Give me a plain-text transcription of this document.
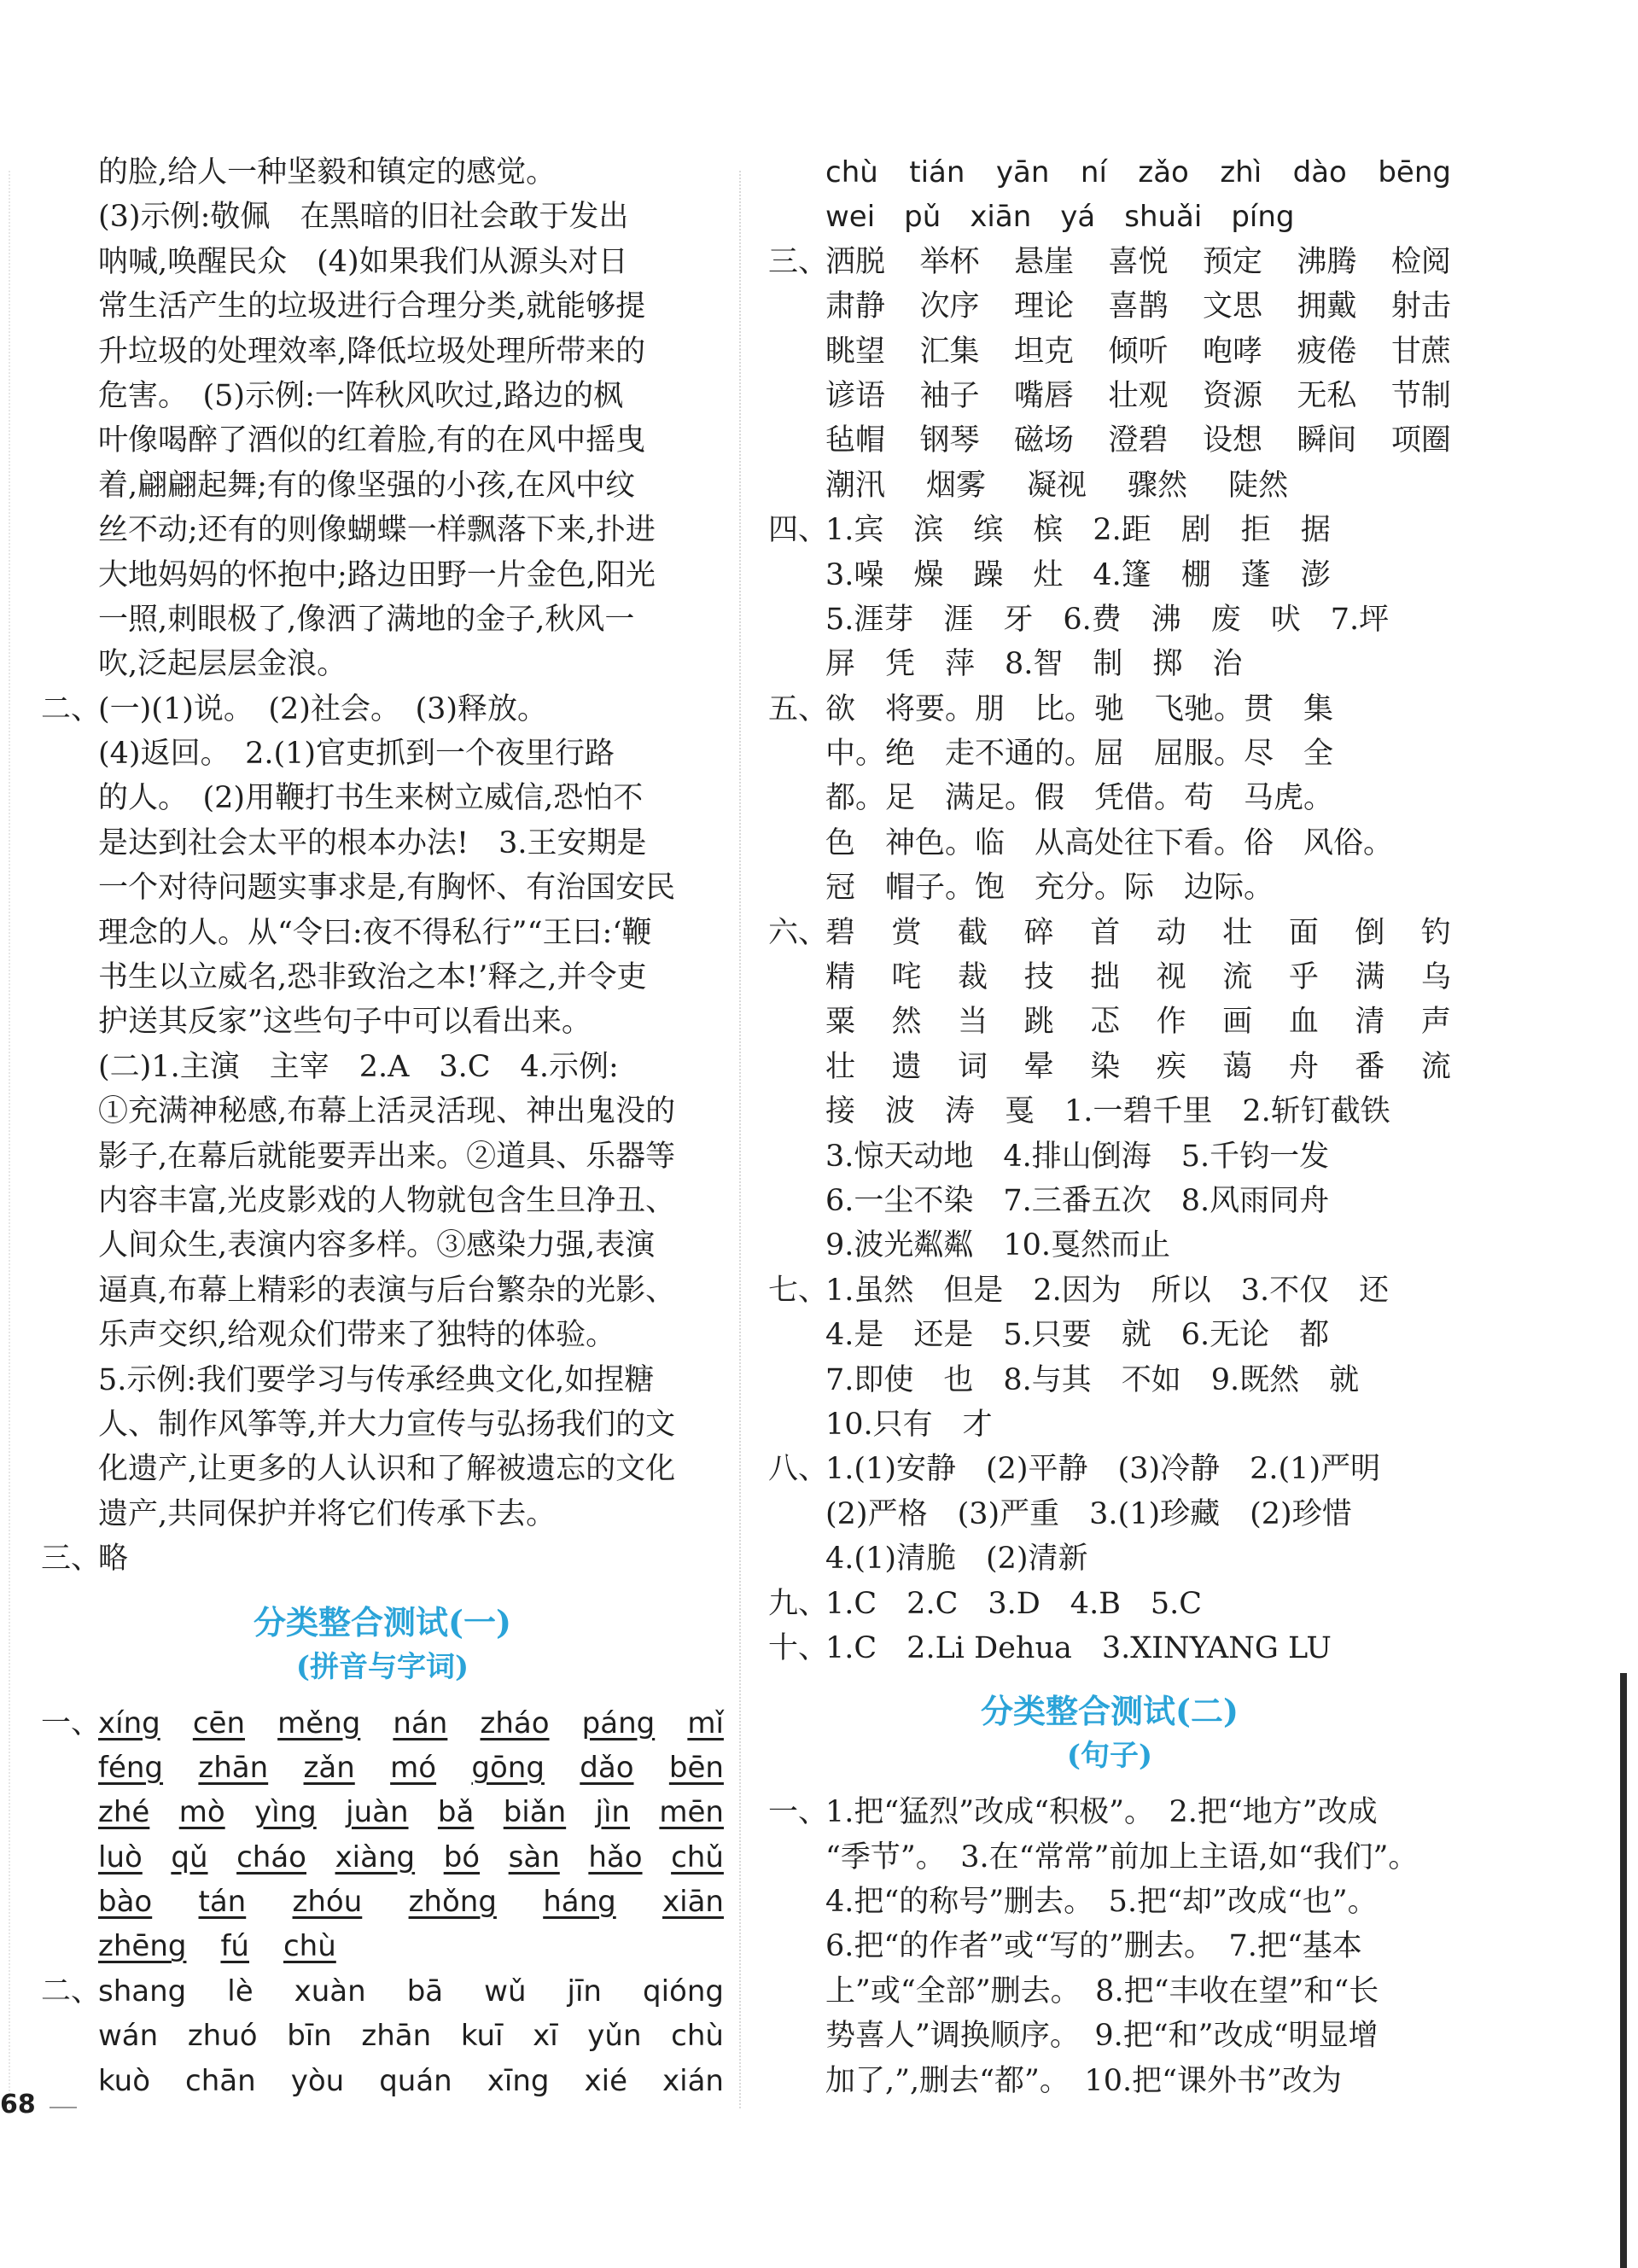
的脸,给人一种坚毅和镇定的感觉。
(3)示例:敬佩　在黑暗的旧社会敢于发出
呐喊,唤醒民众　(4)如果我们从源头对日
常生活产生的垃圾进行合理分类,就能够提
升垃圾的处理效率,降低垃圾处理所带来的
危害。　(5)示例:一阵秋风吹过,路边的枫
叶像喝醉了酒似的红着脸,有的在风中摇曳
着,翩翩起舞;有的像坚强的小孩,在风中纹
丝不动;还有的则像蝴蝶一样飘落下来,扑进
大地妈妈的怀抱中;路边田野一片金色,阳光
一照,刺眼极了,像洒了满地的金子,秋风一
吹,泛起层层金浪。
二、
(一)(1)说。　(2)社会。　(3)释放。
(4)返回。　2.(1)官吏抓到一个夜里行路
的人。　(2)用鞭打书生来树立威信,恐怕不
是达到社会太平的根本办法!　3.王安期是
一个对待问题实事求是,有胸怀、有治国安民
理念的人。从“令曰:夜不得私行”“王曰:‘鞭
书生以立威名,恐非致治之本!’释之,并令吏
护送其反家”这些句子中可以看出来。
(二)1.主演　主宰　2.A　3.C　4.示例:
①充满神秘感,布幕上活灵活现、神出鬼没的
影子,在幕后就能要弄出来。②道具、乐器等
内容丰富,光皮影戏的人物就包含生旦净丑、
人间众生,表演内容多样。③感染力强,表演
逼真,布幕上精彩的表演与后台繁杂的光影、
乐声交织,给观众们带来了独特的体验。
5.示例:我们要学习与传承经典文化,如捏糖
人、制作风筝等,并大力宣传与弘扬我们的文
化遗产,让更多的人认识和了解被遗忘的文化
遗产,共同保护并将它们传承下去。
三、
略
分类整合测试(一)
(拼音与字词)
一、
xíng cēn měng nán zháo páng mǐ
féng zhān zǎn mó gōng dǎo bēn
zhé mò yìng juàn bǎ biǎn jìn mēn
luò qǔ cháo xiàng bó sàn hǎo chǔ
bào tán zhóu zhǒng háng xiān
zhēng fú chù
二、
shang lè xuàn bā wǔ jīn qióng
wán zhuó bīn zhān kuī xī yǔn chù
kuò chān yòu quán xīng xié xián
chù tián yān ní zǎo zhì dào bēng
wei pǔ xiān yá shuǎi píng
三、
洒脱 举杯 悬崖 喜悦 预定 沸腾 检阅
肃静 次序 理论 喜鹊 文思 拥戴 射击
眺望 汇集 坦克 倾听 咆哮 疲倦 甘蔗
谚语 袖子 嘴唇 壮观 资源 无私 节制
毡帽 钢琴 磁场 澄碧 设想 瞬间 项圈
潮汛 烟雾 凝视 骤然 陡然
四、
1.宾　滨　缤　槟　2.距　剧　拒　据
3.噪　燥　躁　灶　4.篷　棚　蓬　澎
5.涯芽　涯　牙　6.费　沸　废　吠　7.坪
屏　凭　萍　8.智　制　掷　治
五、
欲　将要。朋　比。驰　飞驰。贯　集
中。绝　走不通的。屈　屈服。尽　全
都。足　满足。假　凭借。苟　马虎。
色　神色。临　从高处往下看。俗　风俗。
冠　帽子。饱　充分。际　边际。
六、
碧 赏 截 碎 首 动 壮 面 倒 钓
精 咤 裁 技 拙 视 流 乎 满 乌
粟 然 当 跳 忑 作 画 血 清 声
壮 遗 词 晕 染 疾 蔼 舟 番 流
接　波　涛　戛　1.一碧千里　2.斩钉截铁
3.惊天动地　4.排山倒海　5.千钧一发
6.一尘不染　7.三番五次　8.风雨同舟
9.波光粼粼　10.戛然而止
七、
1.虽然　但是　2.因为　所以　3.不仅　还
4.是　还是　5.只要　就　6.无论　都
7.即使　也　8.与其　不如　9.既然　就
10.只有　才
八、
1.(1)安静　(2)平静　(3)冷静　2.(1)严明
(2)严格　(3)严重　3.(1)珍藏　(2)珍惜
4.(1)清脆　(2)清新
九、
1.C　2.C　3.D　4.B　5.C
十、
1.C　2.Li Dehua　3.XINYANG LU
分类整合测试(二)
(句子)
一、
1.把“猛烈”改成“积极”。　2.把“地方”改成
“季节”。　3.在“常常”前加上主语,如“我们”。
4.把“的称号”删去。　5.把“却”改成“也”。
6.把“的作者”或“写的”删去。　7.把“基本
上”或“全部”删去。　8.把“丰收在望”和“长
势喜人”调换顺序。　9.把“和”改成“明显增
加了,”,删去“都”。　10.把“课外书”改为
68
